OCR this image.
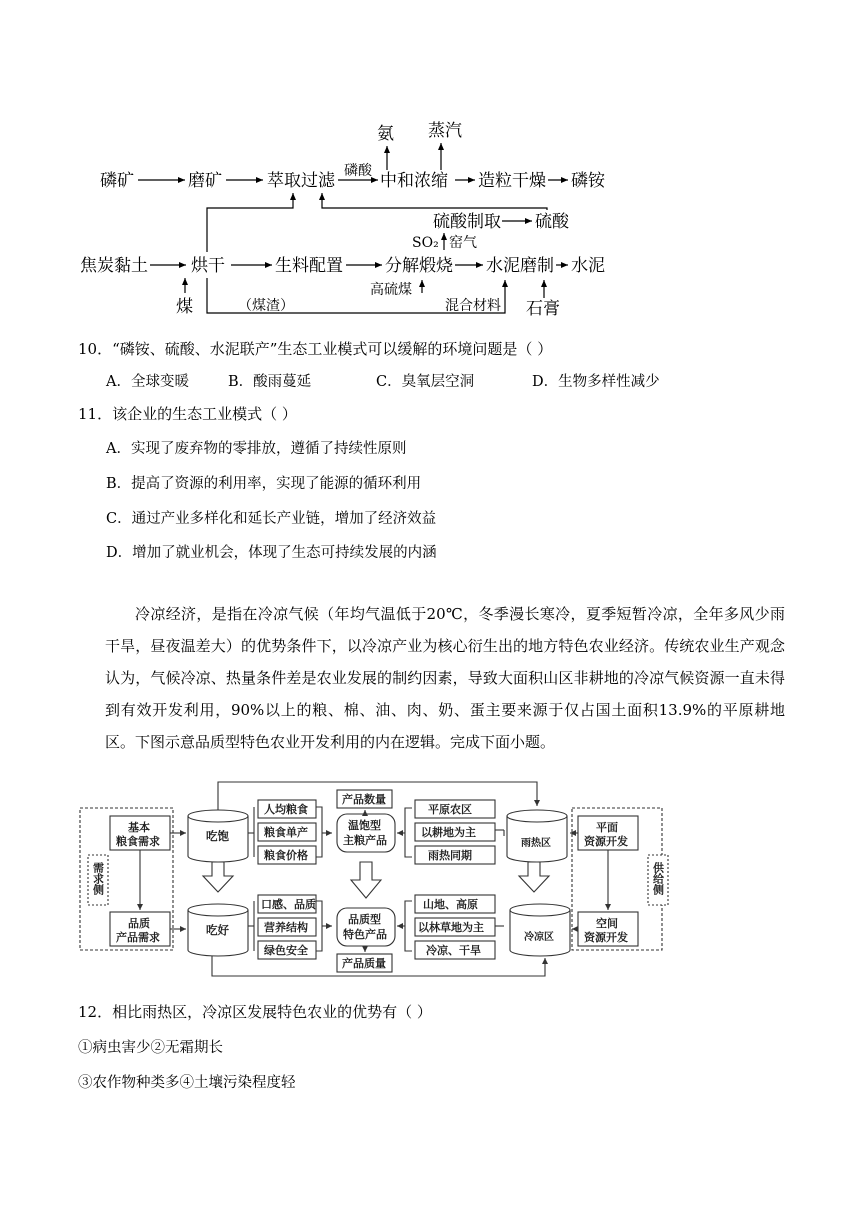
磷矿	磨矿	萃取过滤 磷酸 中和浓缩 造粒干燥 磷铵
氨 蒸汽
硫酸制取 硫酸
SO₂ 窑气
焦炭黏土	烘干	生料配置 分解煅烧 水泥磨制 水泥
煤	（煤渣）
高硫煤
混合材料 石膏
10．“磷铵、硫酸、水泥联产”生态工业模式可以缓解的环境问题是（ ）
A．全球变暖	B．酸雨蔓延	C．臭氧层空洞	D．生物多样性减少
11．该企业的生态工业模式（ ）
A．实现了废弃物的零排放，遵循了持续性原则
B．提高了资源的利用率，实现了能源的循环利用
C．通过产业多样化和延长产业链，增加了经济效益
D．增加了就业机会，体现了生态可持续发展的内涵

冷凉经济，是指在冷凉气候（年均气温低于20℃，冬季漫长寒冷，夏季短暂冷凉，全年多风少雨干旱，昼夜温差大）的优势条件下，以冷凉产业为核心衍生出的地方特色农业经济。传统农业生产观念认为，气候冷凉、热量条件差是农业发展的制约因素，导致大面积山区非耕地的冷凉气候资源一直未得到有效开发利用，90%以上的粮、棉、油、肉、奶、蛋主要来源于仅占国土面积13.9%的平原耕地区。下图示意品质型特色农业开发利用的内在逻辑。完成下面小题。

基本
粮食需求
品质
产品需求
需求侧
吃饱
吃好
人均粮食
粮食单产
粮食价格
口感、品质
营养结构
绿色安全
产品数量
温饱型
主粮产品
品质型
特色产品
产品质量
平原农区
以耕地为主
雨热同期
山地、高原
以林草地为主
冷凉、干旱
雨热区
冷凉区
平面
资源开发
空间
资源开发
供给侧
12．相比雨热区，冷凉区发展特色农业的优势有（ ）
①病虫害少②无霜期长
③农作物种类多④土壤污染程度轻
